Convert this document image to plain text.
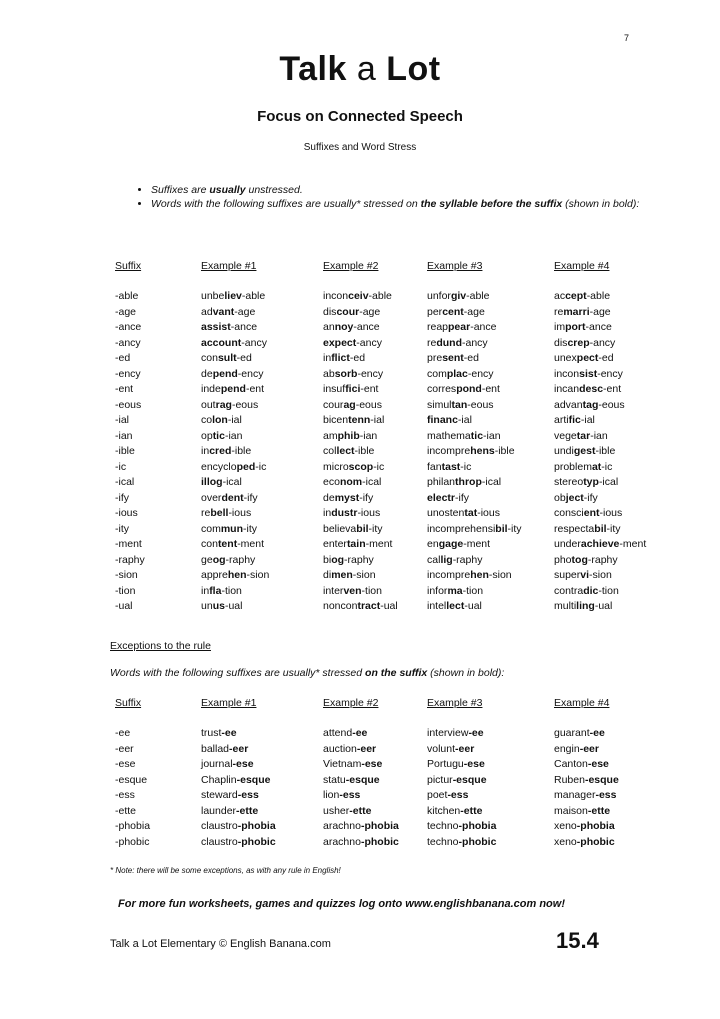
7
Talk a Lot
Focus on Connected Speech
Suffixes and Word Stress
• Suffixes are usually unstressed.
• Words with the following suffixes are usually* stressed on the syllable before the suffix (shown in bold):
Suffix	Example #1	Example #2	Example #3	Example #4
-able	unbeliev-able	inconceiv-able	unforgiv-able	accept-able
-age	advant-age	discour-age	percent-age	remarri-age
-ance	assist-ance	annoy-ance	reappear-ance	import-ance
-ancy	account-ancy	expect-ancy	redund-ancy	discrep-ancy
-ed	consult-ed	inflict-ed	present-ed	unexpect-ed
-ency	depend-ency	absorb-ency	complac-ency	inconsist-ency
-ent	independ-ent	insuffici-ent	correspond-ent	incandesc-ent
-eous	outrag-eous	courag-eous	simultan-eous	advantag-eous
-ial	colon-ial	bicentenn-ial	financ-ial	artific-ial
-ian	optic-ian	amphib-ian	mathematic-ian	vegetar-ian
-ible	incred-ible	collect-ible	incomprehens-ible	undigest-ible
-ic	encycloped-ic	microscop-ic	fantast-ic	problemat-ic
-ical	illog-ical	econom-ical	philanthrop-ical	stereotyp-ical
-ify	overdent-ify	demyst-ify	electr-ify	object-ify
-ious	rebell-ious	industr-ious	unostentat-ious	conscient-ious
-ity	commun-ity	believabil-ity	incomprehensibil-ity	respectabil-ity
-ment	content-ment	entertain-ment	engage-ment	underachieve-ment
-raphy	geog-raphy	biog-raphy	callig-raphy	photog-raphy
-sion	apprehen-sion	dimen-sion	incomprehen-sion	supervi-sion
-tion	infla-tion	interven-tion	informa-tion	contradic-tion
-ual	unus-ual	noncontract-ual	intellect-ual	multiling-ual
Exceptions to the rule
Words with the following suffixes are usually* stressed on the suffix (shown in bold):
Suffix	Example #1	Example #2	Example #3	Example #4
-ee	trust-ee	attend-ee	interview-ee	guarant-ee
-eer	ballad-eer	auction-eer	volunt-eer	engin-eer
-ese	journal-ese	Vietnam-ese	Portugu-ese	Canton-ese
-esque	Chaplin-esque	statu-esque	pictur-esque	Ruben-esque
-ess	steward-ess	lion-ess	poet-ess	manager-ess
-ette	launder-ette	usher-ette	kitchen-ette	maison-ette
-phobia	claustro-phobia	arachno-phobia	techno-phobia	xeno-phobia
-phobic	claustro-phobic	arachno-phobic	techno-phobic	xeno-phobic
* Note: there will be some exceptions, as with any rule in English!
For more fun worksheets, games and quizzes log onto www.englishbanana.com now!
Talk a Lot Elementary © English Banana.com	15.4
